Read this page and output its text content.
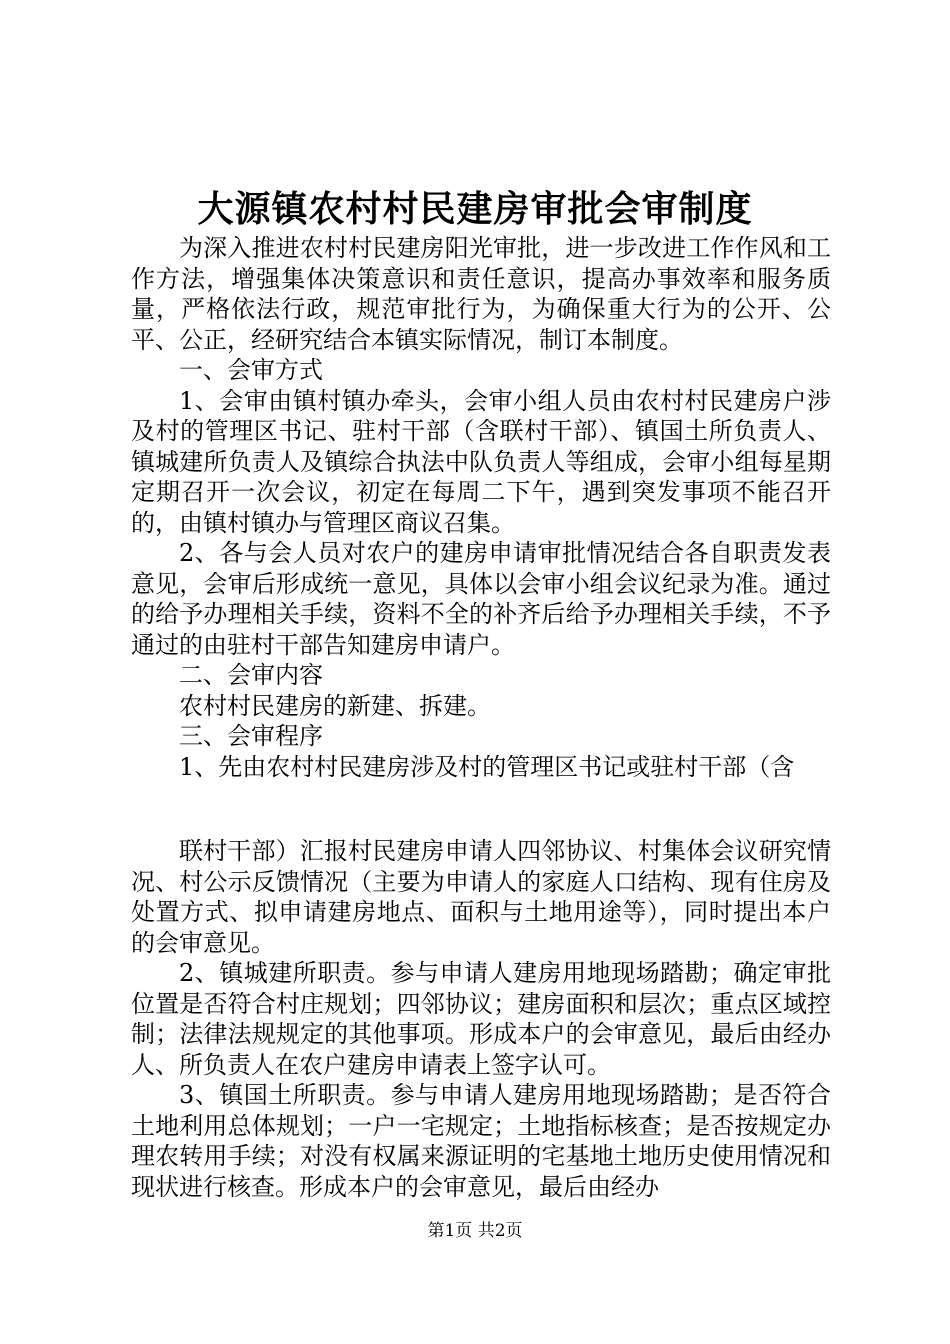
大源镇农村村民建房审批会审制度

为深入推进农村村民建房阳光审批，进一步改进工作作风和工作方法，增强集体决策意识和责任意识，提高办事效率和服务质量，严格依法行政，规范审批行为，为确保重大行为的公开、公平、公正，经研究结合本镇实际情况，制订本制度。

一、会审方式

1、会审由镇村镇办牵头，会审小组人员由农村村民建房户涉及村的管理区书记、驻村干部（含联村干部）、镇国土所负责人、镇城建所负责人及镇综合执法中队负责人等组成，会审小组每星期定期召开一次会议，初定在每周二下午，遇到突发事项不能召开的，由镇村镇办与管理区商议召集。

2、各与会人员对农户的建房申请审批情况结合各自职责发表意见，会审后形成统一意见，具体以会审小组会议纪录为准。通过的给予办理相关手续，资料不全的补齐后给予办理相关手续，不予通过的由驻村干部告知建房申请户。

二、会审内容

农村村民建房的新建、拆建。

三、会审程序

1、先由农村村民建房涉及村的管理区书记或驻村干部（含

联村干部）汇报村民建房申请人四邻协议、村集体会议研究情况、村公示反馈情况（主要为申请人的家庭人口结构、现有住房及处置方式、拟申请建房地点、面积与土地用途等），同时提出本户的会审意见。

2、镇城建所职责。参与申请人建房用地现场踏勘；确定审批位置是否符合村庄规划；四邻协议；建房面积和层次；重点区域控制；法律法规规定的其他事项。形成本户的会审意见，最后由经办人、所负责人在农户建房申请表上签字认可。

3、镇国土所职责。参与申请人建房用地现场踏勘；是否符合土地利用总体规划；一户一宅规定；土地指标核查；是否按规定办理农转用手续；对没有权属来源证明的宅基地土地历史使用情况和现状进行核查。形成本户的会审意见，最后由经办

第1页 共2页
